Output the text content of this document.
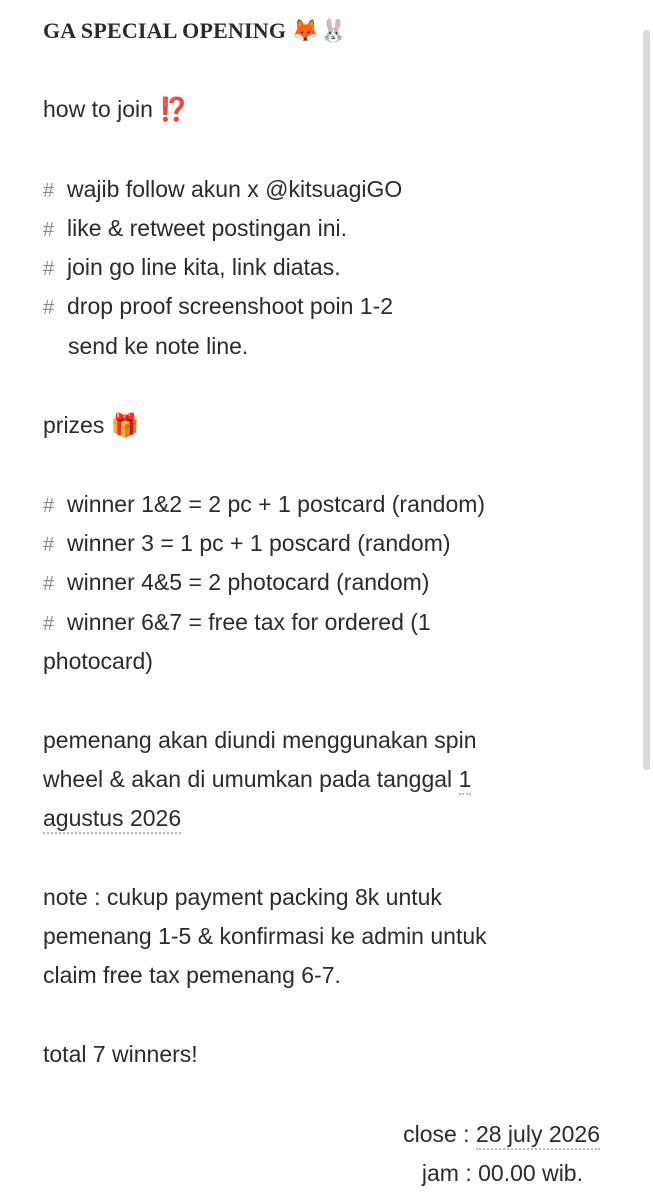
GA SPECIAL OPENING 🦊🐰
how to join ⁉️
# wajib follow akun x @kitsuagiGO
# like & retweet postingan ini.
# join go line kita, link diatas.
# drop proof screenshoot poin 1-2
send ke note line.
prizes 🎁
# winner 1&2 = 2 pc + 1 postcard (random)
# winner 3 = 1 pc + 1 poscard (random)
# winner 4&5 = 2 photocard (random)
# winner 6&7 = free tax for ordered (1
photocard)
pemenang akan diundi menggunakan spin
wheel & akan di umumkan pada tanggal 1
agustus 2026
note : cukup payment packing 8k untuk
pemenang 1-5 & konfirmasi ke admin untuk
claim free tax pemenang 6-7.
total 7 winners!
close : 28 july 2026
jam : 00.00 wib.
